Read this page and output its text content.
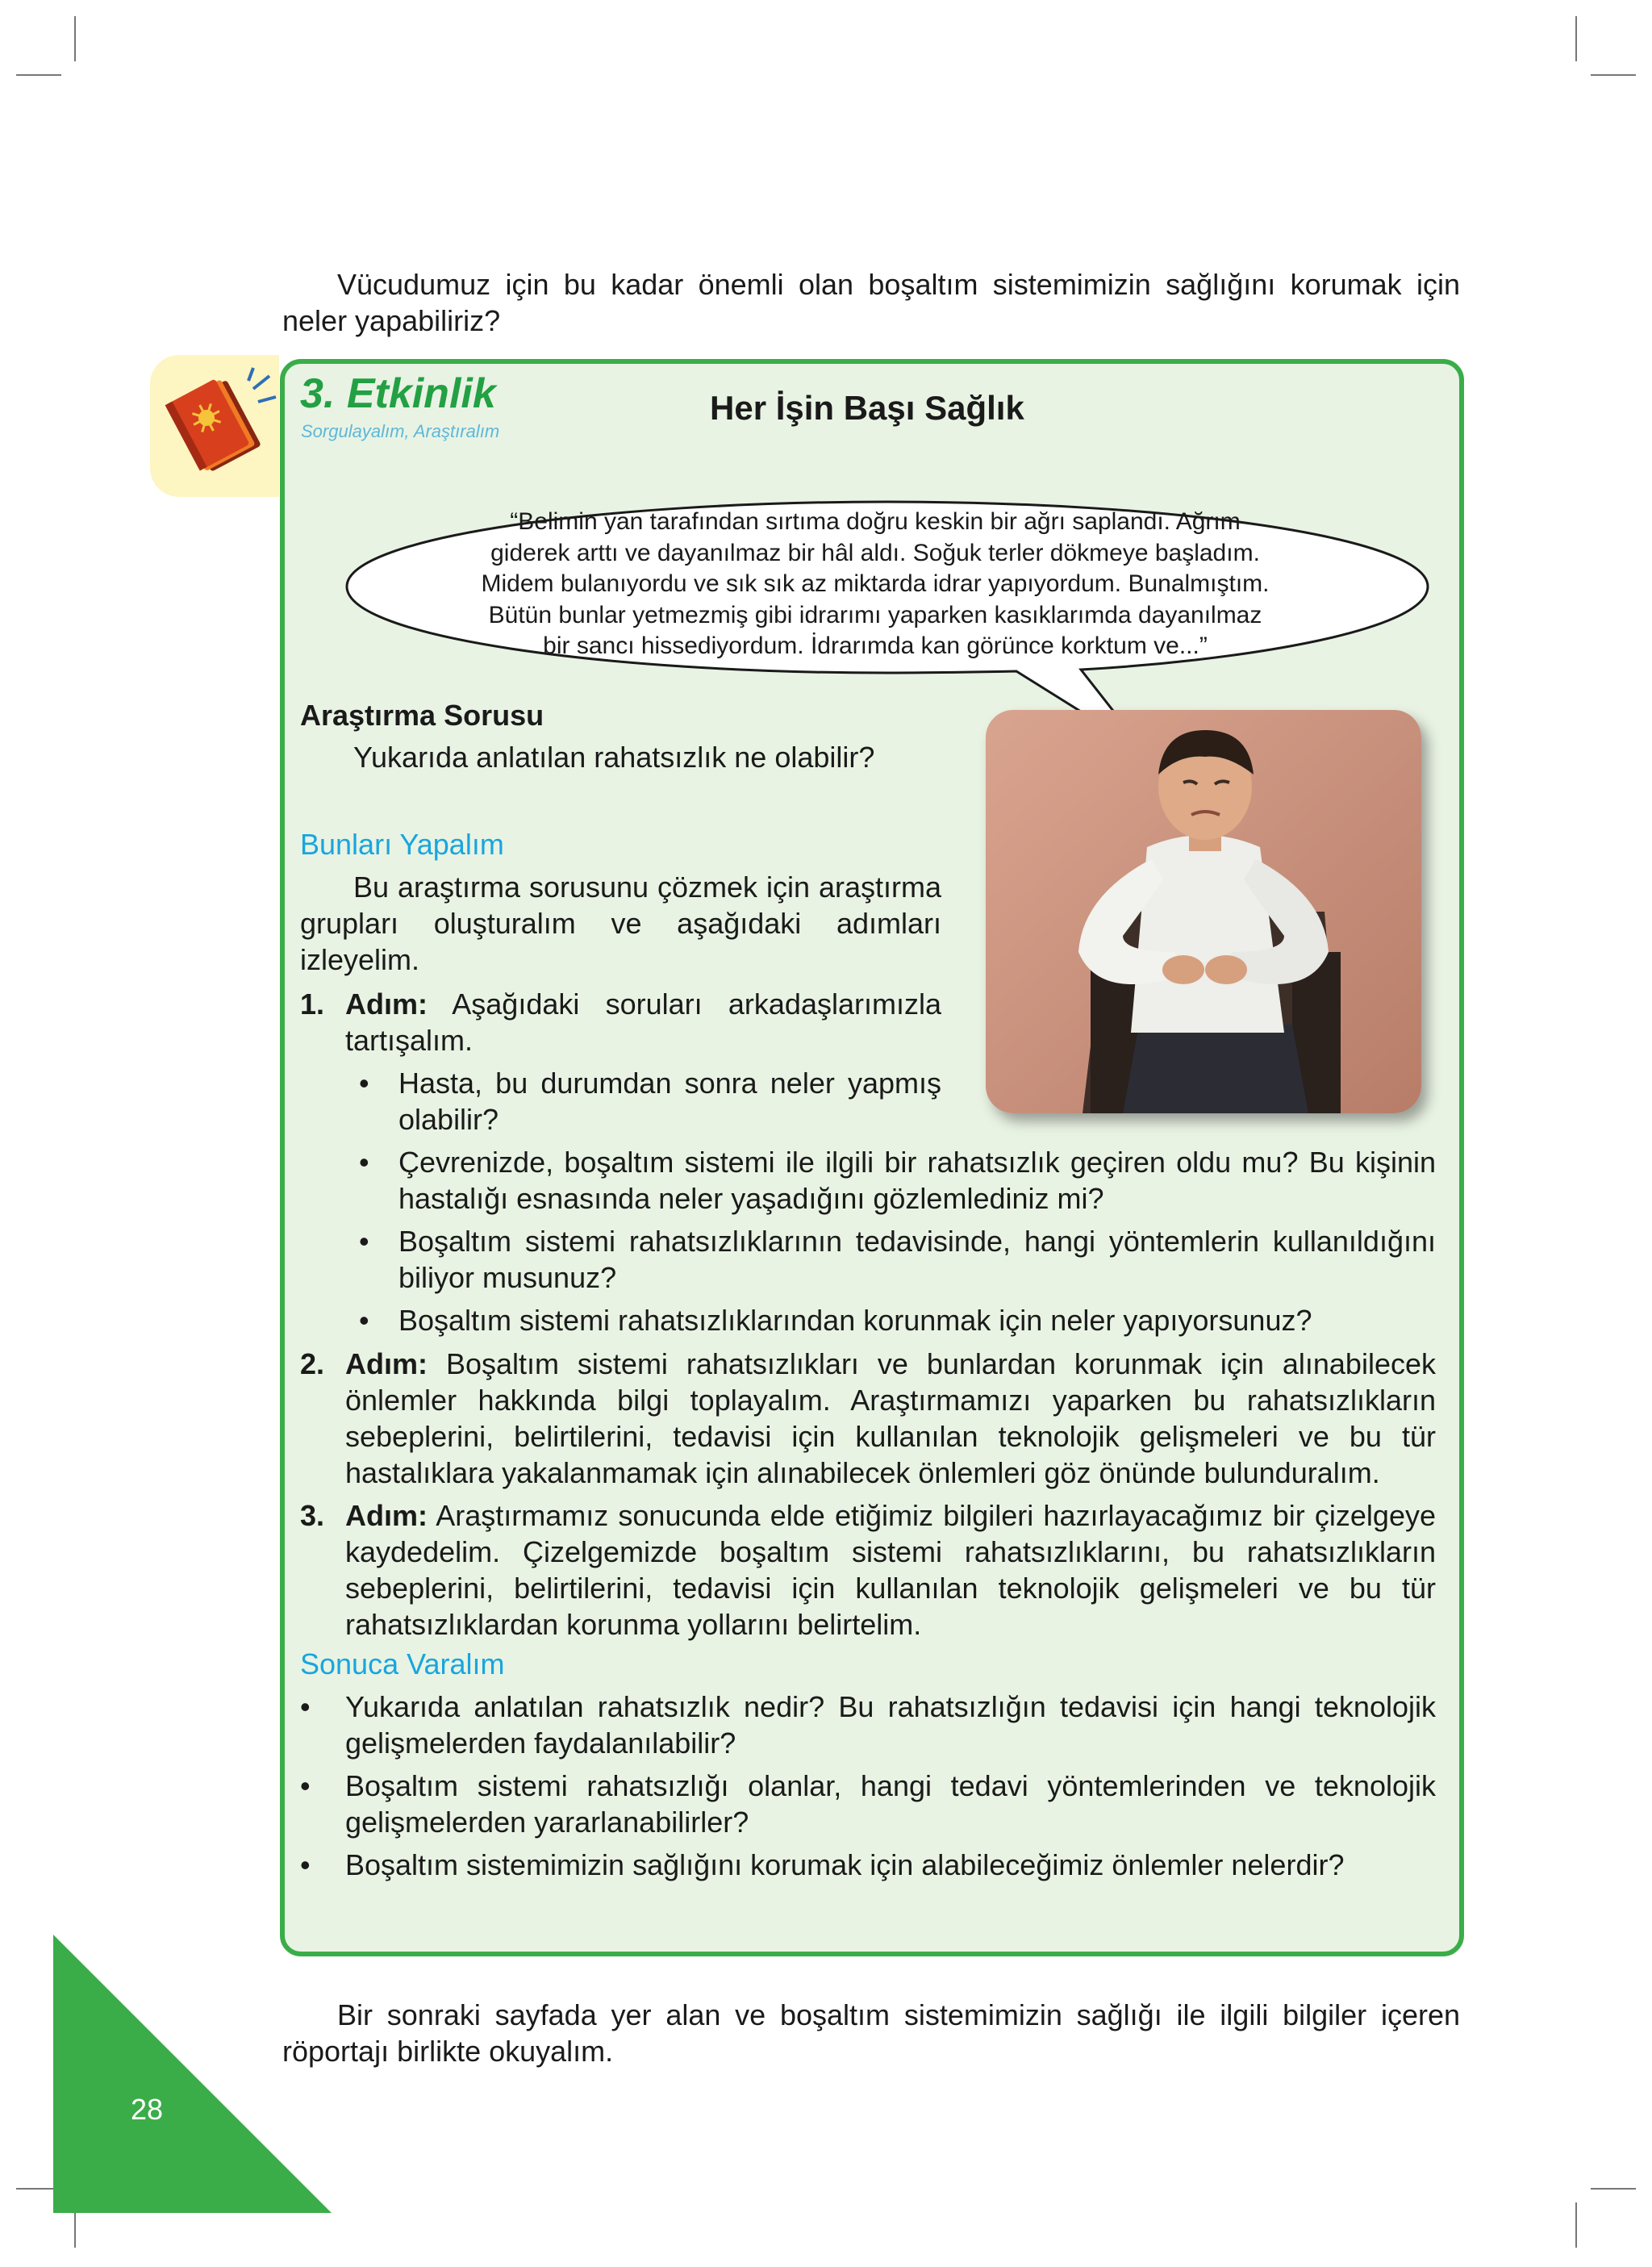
Vücudumuz için bu kadar önemli olan boşaltım sistemimizin sağlığını korumak için neler yapabiliriz?

3. Etkinlik

Sorgulayalım, Araştıralım

Her İşin Başı Sağlık

“Belimin yan tarafından sırtıma doğru keskin bir ağrı saplandı. Ağrım
giderek arttı ve dayanılmaz bir hâl aldı. Soğuk terler dökmeye başladım.
Midem bulanıyordu ve sık sık az miktarda idrar yapıyordum. Bunalmıştım.
Bütün bunlar yetmezmiş gibi idrarımı yaparken kasıklarımda dayanılmaz
bir sancı hissediyordum. İdrarımda kan görünce korktum ve...”

Araştırma Sorusu

Yukarıda anlatılan rahatsızlık ne olabilir?

Bunları Yapalım

Bu araştırma sorusunu çözmek için araştırma grupları oluşturalım ve aşağıdaki adımları izleyelim.

1. Adım: Aşağıdaki soruları arkadaşlarımızla tartışalım.

• Hasta, bu durumdan sonra neler yapmış olabilir?

• Çevrenizde, boşaltım sistemi ile ilgili bir rahatsızlık geçiren oldu mu? Bu kişinin hastalığı esnasında neler yaşadığını gözlemlediniz mi?

• Boşaltım sistemi rahatsızlıklarının tedavisinde, hangi yöntemlerin kullanıldığını biliyor musunuz?

• Boşaltım sistemi rahatsızlıklarından korunmak için neler yapıyorsunuz?

2. Adım: Boşaltım sistemi rahatsızlıkları ve bunlardan korunmak için alınabilecek önlemler hakkında bilgi toplayalım. Araştırmamızı yaparken bu rahatsızlıkların sebeplerini, belirtilerini, tedavisi için kullanılan teknolojik gelişmeleri ve bu tür hastalıklara yakalanmamak için alınabilecek önlemleri göz önünde bulunduralım.

3. Adım: Araştırmamız sonucunda elde etiğimiz bilgileri hazırlayacağımız bir çizelgeye kaydedelim. Çizelgemizde boşaltım sistemi rahatsızlıklarını, bu rahatsızlıkların sebeplerini, belirtilerini, tedavisi için kullanılan teknolojik gelişmeleri ve bu tür rahatsızlıklardan korunma yollarını belirtelim.

Sonuca Varalım

• Yukarıda anlatılan rahatsızlık nedir? Bu rahatsızlığın tedavisi için hangi teknolojik gelişmelerden faydalanılabilir?

• Boşaltım sistemi rahatsızlığı olanlar, hangi tedavi yöntemlerinden ve teknolojik gelişmelerden yararlanabilirler?

• Boşaltım sistemimizin sağlığını korumak için alabileceğimiz önlemler nelerdir?

Bir sonraki sayfada yer alan ve boşaltım sistemimizin sağlığı ile ilgili bilgiler içeren röportajı birlikte okuyalım.

28
